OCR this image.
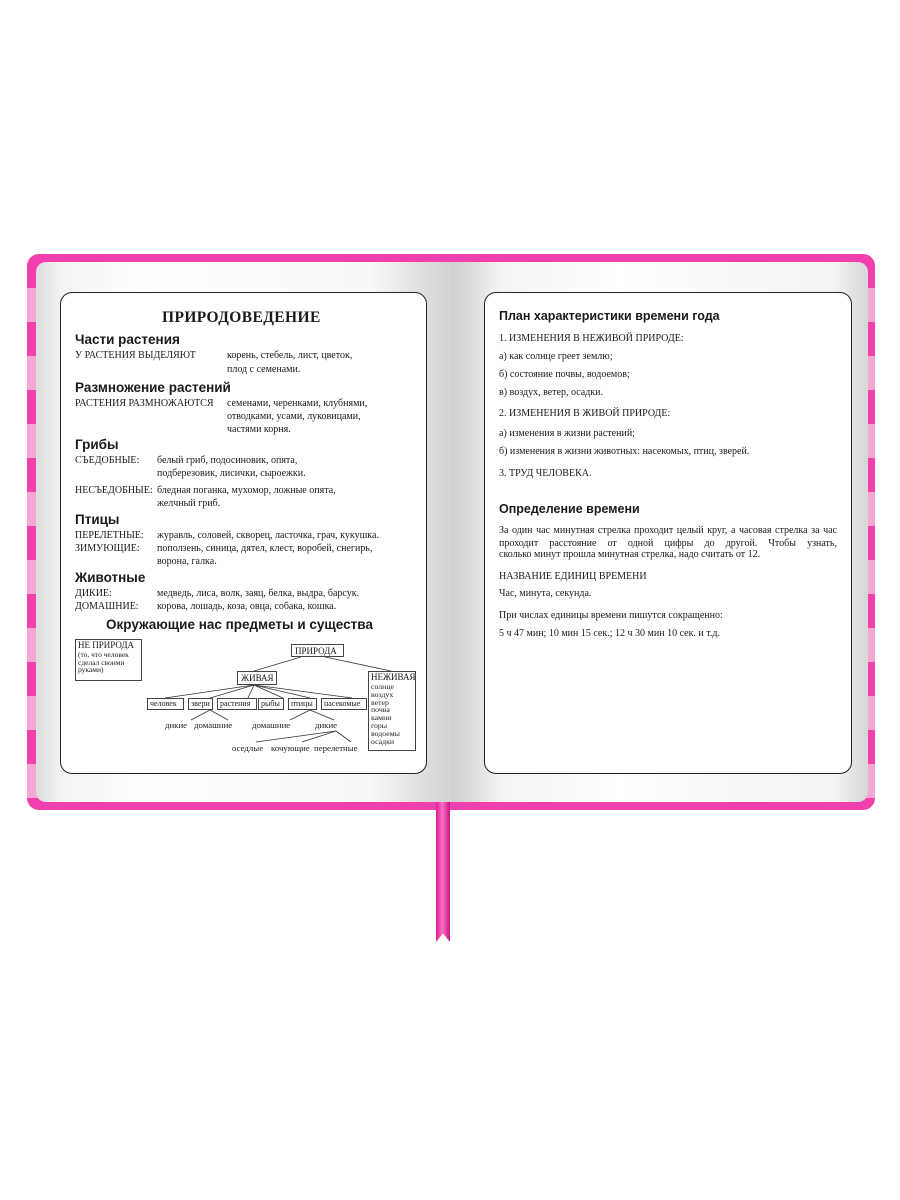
ПРИРОДОВЕДЕНИЕ
Части растения
У РАСТЕНИЯ ВЫДЕЛЯЮТ	корень, стебель, лист, цветок,
плод с семенами.
Размножение растений
РАСТЕНИЯ РАЗМНОЖАЮТСЯ семенами, черенками, клубнями,
отводками, усами, луковицами,
частями корня.
Грибы
СЪЕДОБНЫЕ: белый гриб, подосиновик, опята,
подберезовик, лисички, сыроежки.
НЕСЪЕДОБНЫЕ: бледная поганка, мухомор, ложные опята,
желчный гриб.
Птицы
ПЕРЕЛЕТНЫЕ: журавль, соловей, скворец, ласточка, грач, кукушка.
ЗИМУЮЩИЕ: поползень, синица, дятел, клест, воробей, снегирь,
ворона, галка.
Животные
ДИКИЕ:	медведь, лиса, волк, заяц, белка, выдра, барсук.
ДОМАШНИЕ: корова, лошадь, коза, овца, собака, кошка.
Окружающие нас предметы и существа
НЕ ПРИРОДА
(то, что человек
сделал своими
руками)
ПРИРОДА
ЖИВАЯ	НЕЖИВАЯ
солнце
воздух
ветер
почва
камни
горы
водоемы
осадки
человек	звери растения	рыбы птицы насекомые
дикие домашние домашние	дикие
оседлые кочующие перелетные
План характеристики времени года
1. ИЗМЕНЕНИЯ В НЕЖИВОЙ ПРИРОДЕ:
а) как солнце греет землю;
б) состояние почвы, водоемов;
в) воздух, ветер, осадки.
2. ИЗМЕНЕНИЯ В ЖИВОЙ ПРИРОДЕ:
а) изменения в жизни растений;
б) изменения в жизни животных: насекомых, птиц, зверей.
3. ТРУД ЧЕЛОВЕКА.
Определение времени
За один час минутная стрелка проходит целый круг, а часовая стрелка за час проходит расстояние от одной цифры до другой. Чтобы узнать,
сколько минут прошла минутная стрелка, надо считать от 12.
НАЗВАНИЕ ЕДИНИЦ ВРЕМЕНИ
Час, минута, секунда.
При числах единицы времени пишутся сокращенно:
5 ч 47 мин; 10 мин 15 сек.; 12 ч 30 мин 10 сек. и т.д.
